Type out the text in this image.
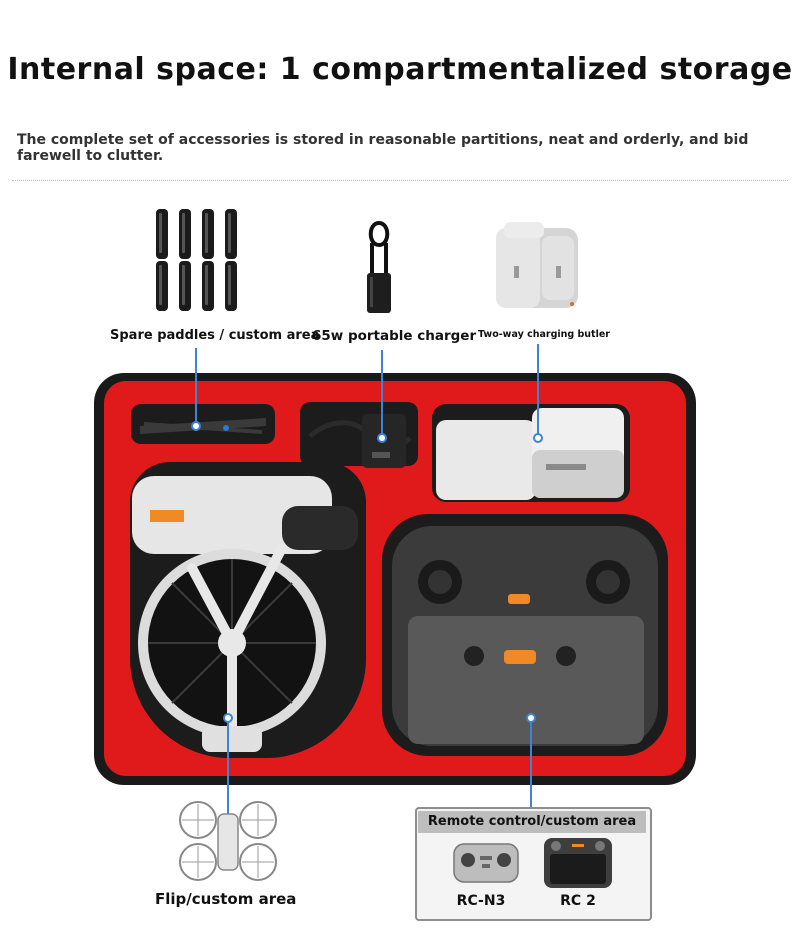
Internal space: 1 compartmentalized storage
The complete set of accessories is stored in reasonable partitions, neat and orderly, and bid farewell to clutter.
Spare paddles / custom area
65w portable charger Two-way charging butler
Flip/custom area
Remote control/custom area
RC-N3	RC 2
